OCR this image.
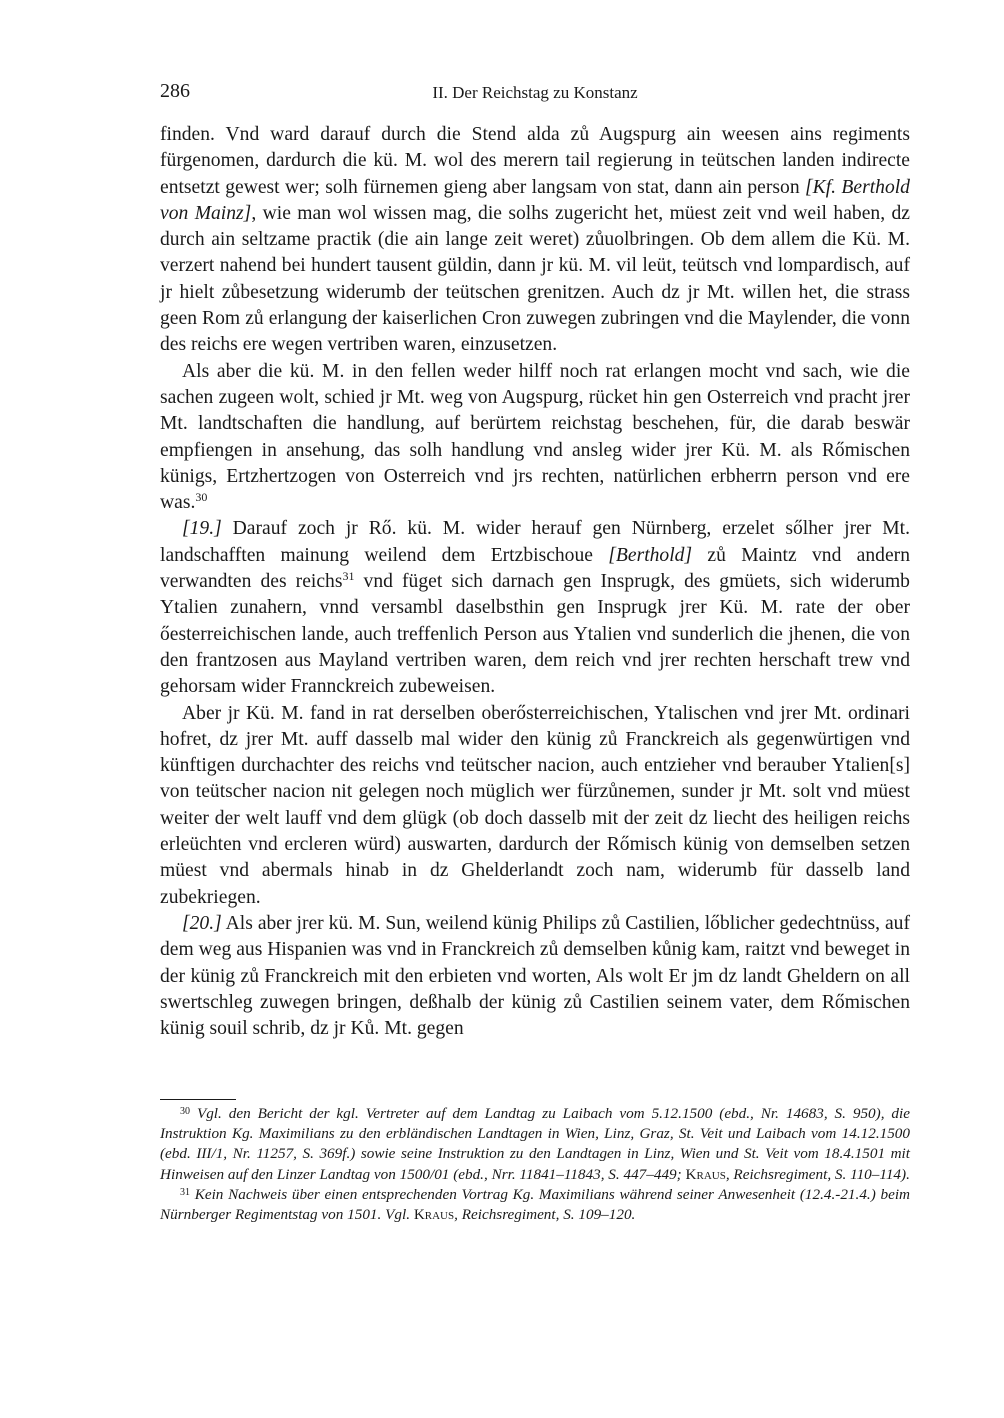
286	II. Der Reichstag zu Konstanz

finden. Vnd ward darauf durch die Stend alda zů Augspurg ain weesen ains regiments fürgenomen, dardurch die kü. M. wol des merern tail regierung in teütschen landen indirecte entsetzt gewest wer; solh fürnemen gieng aber langsam von stat, dann ain person [Kf. Berthold von Mainz], wie man wol wissen mag, die solhs zugericht het, müest zeit vnd weil haben, dz durch ain seltzame practik (die ain lange zeit weret) zůuolbringen. Ob dem allem die Kü. M. verzert nahend bei hundert tausent güldin, dann jr kü. M. vil leüt, teütsch vnd lompardisch, auf jr hielt zůbesetzung widerumb der teütschen grenitzen. Auch dz jr Mt. willen het, die strass geen Rom zů erlangung der kaiserlichen Cron zuwegen zubringen vnd die Maylender, die vonn des reichs ere wegen vertriben waren, einzusetzen.

Als aber die kü. M. in den fellen weder hilff noch rat erlangen mocht vnd sach, wie die sachen zugeen wolt, schied jr Mt. weg von Augspurg, rücket hin gen Osterreich vnd pracht jrer Mt. landtschaften die handlung, auf berürtem reichstag beschehen, für, die darab beswär empfiengen in ansehung, das solh handlung vnd ansleg wider jrer Kü. M. als Rőmischen künigs, Ertzhertzogen von Osterreich vnd jrs rechten, natürlichen erbherrn person vnd ere was.$^{30}$

[19.] Darauf zoch jr Rő. kü. M. wider herauf gen Nürnberg, erzelet sőlher jrer Mt. landschafften mainung weilend dem Ertzbischoue [Berthold] zů Maintz vnd andern verwandten des reichs$^{31}$ vnd füget sich darnach gen Insprugk, des gmüets, sich widerumb Ytalien zunahern, vnnd versambl daselbsthin gen Insprugk jrer Kü. M. rate der ober őesterreichischen lande, auch treffenlich Person aus Ytalien vnd sunderlich die jhenen, die von den frantzosen aus Mayland vertriben waren, dem reich vnd jrer rechten herschaft trew vnd gehorsam wider Frannckreich zubeweisen.

Aber jr Kü. M. fand in rat derselben oberősterreichischen, Ytalischen vnd jrer Mt. ordinari hofret, dz jrer Mt. auff dasselb mal wider den künig zů Franckreich als gegenwürtigen vnd künftigen durchachter des reichs vnd teütscher nacion, auch entzieher vnd berauber Ytalien[s] von teütscher nacion nit gelegen noch müglich wer fürzůnemen, sunder jr Mt. solt vnd müest weiter der welt lauff vnd dem glügk (ob doch dasselb mit der zeit dz liecht des heiligen reichs erleüchten vnd ercleren würd) auswarten, dardurch der Rőmisch künig von demselben setzen müest vnd abermals hinab in dz Ghelderlandt zoch nam, widerumb für dasselb land zubekriegen.

[20.] Als aber jrer kü. M. Sun, weilend künig Philips zů Castilien, lőblicher gedechtnüss, auf dem weg aus Hispanien was vnd in Franckreich zů demselben kůnig kam, raitzt vnd beweget in der künig zů Franckreich mit den erbieten vnd worten, Als wolt Er jm dz landt Gheldern on all swertschleg zuwegen bringen, deßhalb der künig zů Castilien seinem vater, dem Rőmischen künig souil schrib, dz jr Ků. Mt. gegen

$^{30}$ Vgl. den Bericht der kgl. Vertreter auf dem Landtag zu Laibach vom 5.12.1500 (ebd., Nr. 14683, S. 950), die Instruktion Kg. Maximilians zu den erbländischen Landtagen in Wien, Linz, Graz, St. Veit und Laibach vom 14.12.1500 (ebd. III/1, Nr. 11257, S. 369f.) sowie seine Instruktion zu den Landtagen in Linz, Wien und St. Veit vom 18.4.1501 mit Hinweisen auf den Linzer Landtag von 1500/01 (ebd., Nrr. 11841–11843, S. 447–449; Kraus, Reichsregiment, S. 110–114).

$^{31}$ Kein Nachweis über einen entsprechenden Vortrag Kg. Maximilians während seiner Anwesenheit (12.4.-21.4.) beim Nürnberger Regimentstag von 1501. Vgl. Kraus, Reichsregiment, S. 109–120.
